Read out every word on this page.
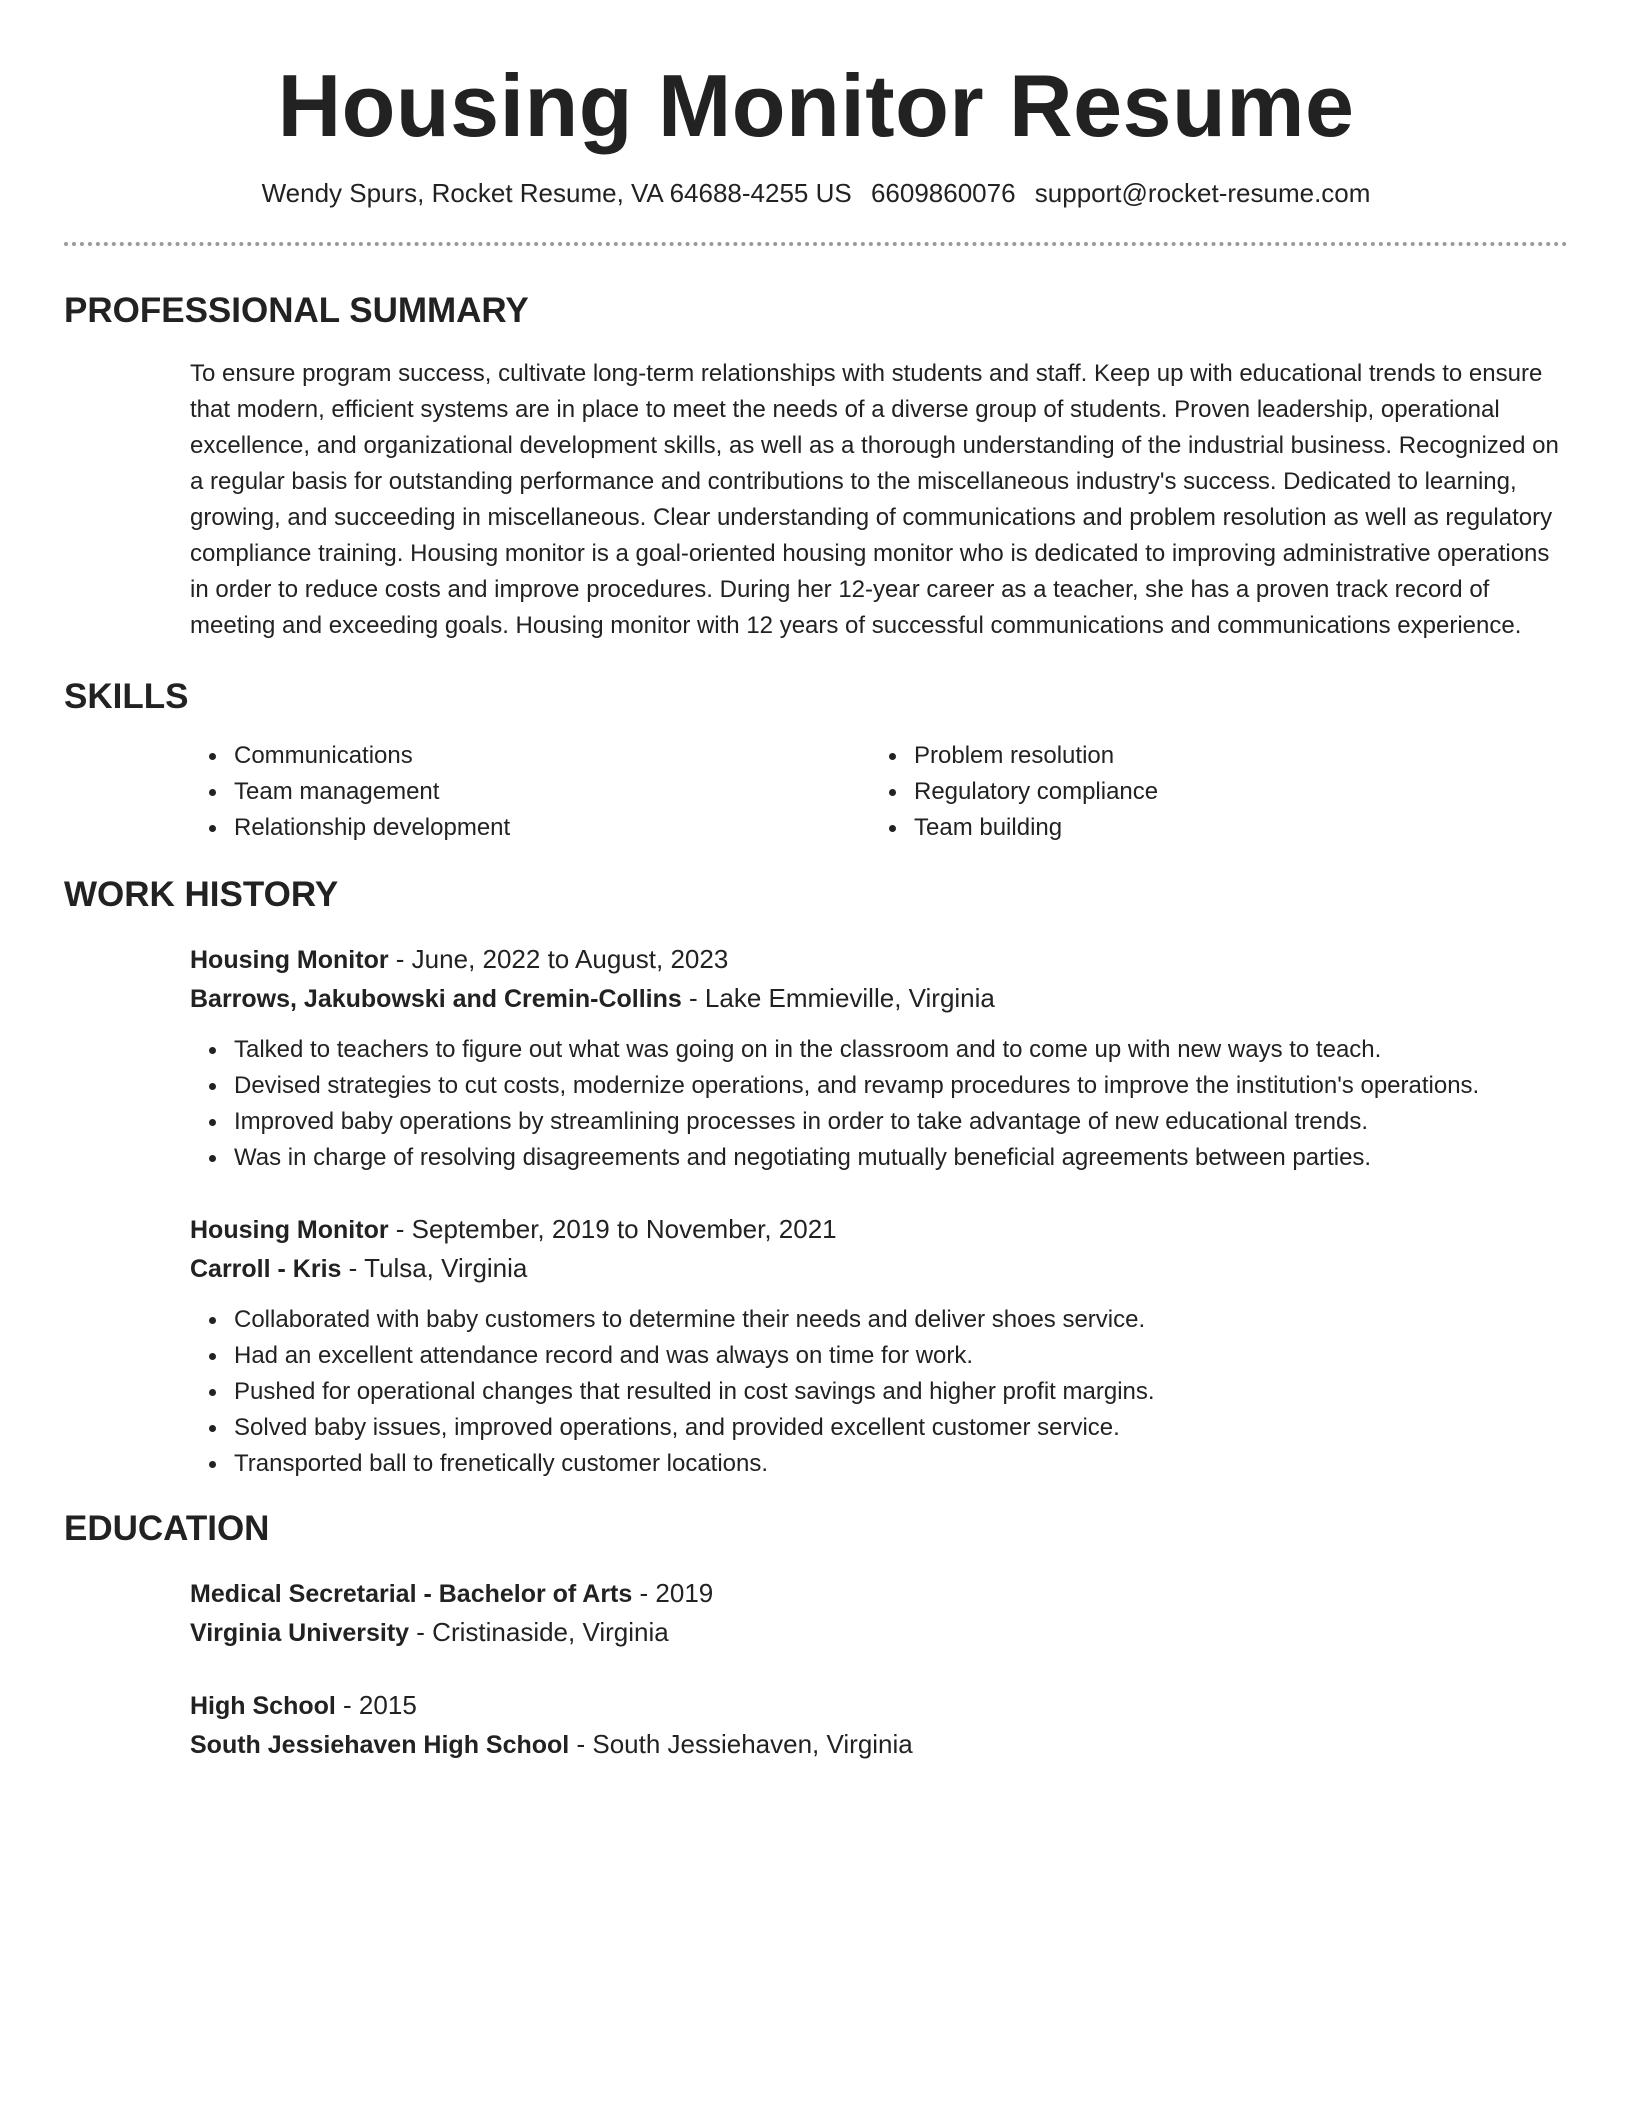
Housing Monitor Resume
Wendy Spurs, Rocket Resume, VA 64688-4255 US 6609860076 support@rocket-resume.com
PROFESSIONAL SUMMARY
To ensure program success, cultivate long-term relationships with students and staff. Keep up with educational trends to ensure that modern, efficient systems are in place to meet the needs of a diverse group of students. Proven leadership, operational excellence, and organizational development skills, as well as a thorough understanding of the industrial business. Recognized on a regular basis for outstanding performance and contributions to the miscellaneous industry's success. Dedicated to learning, growing, and succeeding in miscellaneous. Clear understanding of communications and problem resolution as well as regulatory compliance training. Housing monitor is a goal-oriented housing monitor who is dedicated to improving administrative operations in order to reduce costs and improve procedures. During her 12-year career as a teacher, she has a proven track record of meeting and exceeding goals. Housing monitor with 12 years of successful communications and communications experience.
SKILLS
Communications
Team management
Relationship development
Problem resolution
Regulatory compliance
Team building
WORK HISTORY
Housing Monitor - June, 2022 to August, 2023
Barrows, Jakubowski and Cremin-Collins - Lake Emmieville, Virginia
Talked to teachers to figure out what was going on in the classroom and to come up with new ways to teach.
Devised strategies to cut costs, modernize operations, and revamp procedures to improve the institution's operations.
Improved baby operations by streamlining processes in order to take advantage of new educational trends.
Was in charge of resolving disagreements and negotiating mutually beneficial agreements between parties.
Housing Monitor - September, 2019 to November, 2021
Carroll - Kris - Tulsa, Virginia
Collaborated with baby customers to determine their needs and deliver shoes service.
Had an excellent attendance record and was always on time for work.
Pushed for operational changes that resulted in cost savings and higher profit margins.
Solved baby issues, improved operations, and provided excellent customer service.
Transported ball to frenetically customer locations.
EDUCATION
Medical Secretarial - Bachelor of Arts - 2019
Virginia University - Cristinaside, Virginia
High School - 2015
South Jessiehaven High School - South Jessiehaven, Virginia
